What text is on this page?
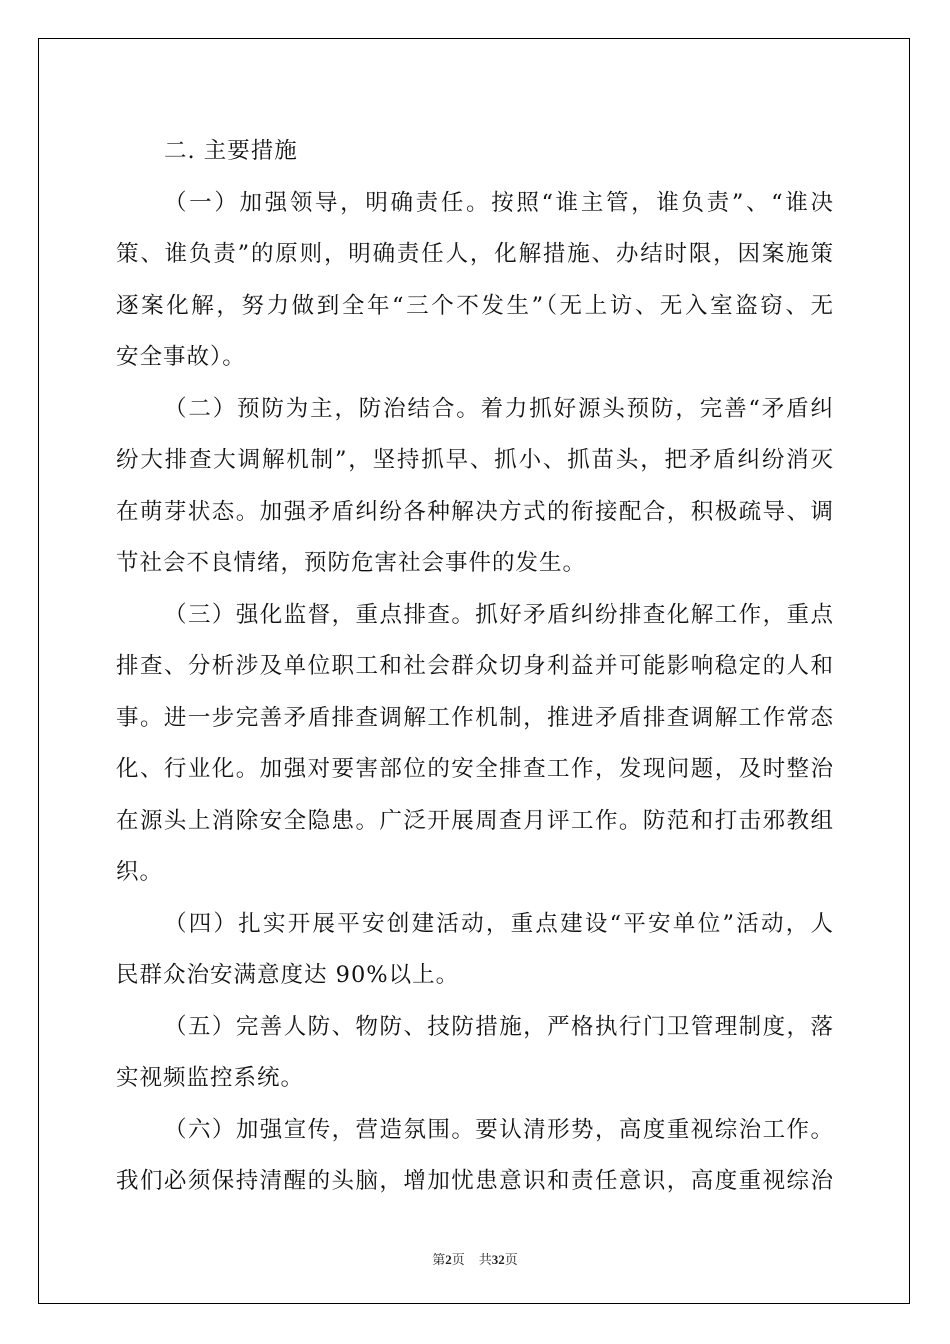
二. 主要措施
（一）加强领导，明确责任。按照“谁主管，谁负责”、“谁决
策、谁负责”的原则，明确责任人，化解措施、办结时限，因案施策
逐案化解，努力做到全年“三个不发生”（无上访、无入室盗窃、无
安全事故）。
（二）预防为主，防治结合。着力抓好源头预防，完善“矛盾纠
纷大排查大调解机制”，坚持抓早、抓小、抓苗头，把矛盾纠纷消灭
在萌芽状态。加强矛盾纠纷各种解决方式的衔接配合，积极疏导、调
节社会不良情绪，预防危害社会事件的发生。
（三）强化监督，重点排查。抓好矛盾纠纷排查化解工作，重点
排查、分析涉及单位职工和社会群众切身利益并可能影响稳定的人和
事。进一步完善矛盾排查调解工作机制，推进矛盾排查调解工作常态
化、行业化。加强对要害部位的安全排查工作，发现问题，及时整治
在源头上消除安全隐患。广泛开展周查月评工作。防范和打击邪教组
织。
（四）扎实开展平安创建活动，重点建设“平安单位”活动，人
民群众治安满意度达 90%以上。
（五）完善人防、物防、技防措施，严格执行门卫管理制度，落
实视频监控系统。
（六）加强宣传，营造氛围。要认清形势，高度重视综治工作。
我们必须保持清醒的头脑，增加忧患意识和责任意识，高度重视综治
第2页 共32页
